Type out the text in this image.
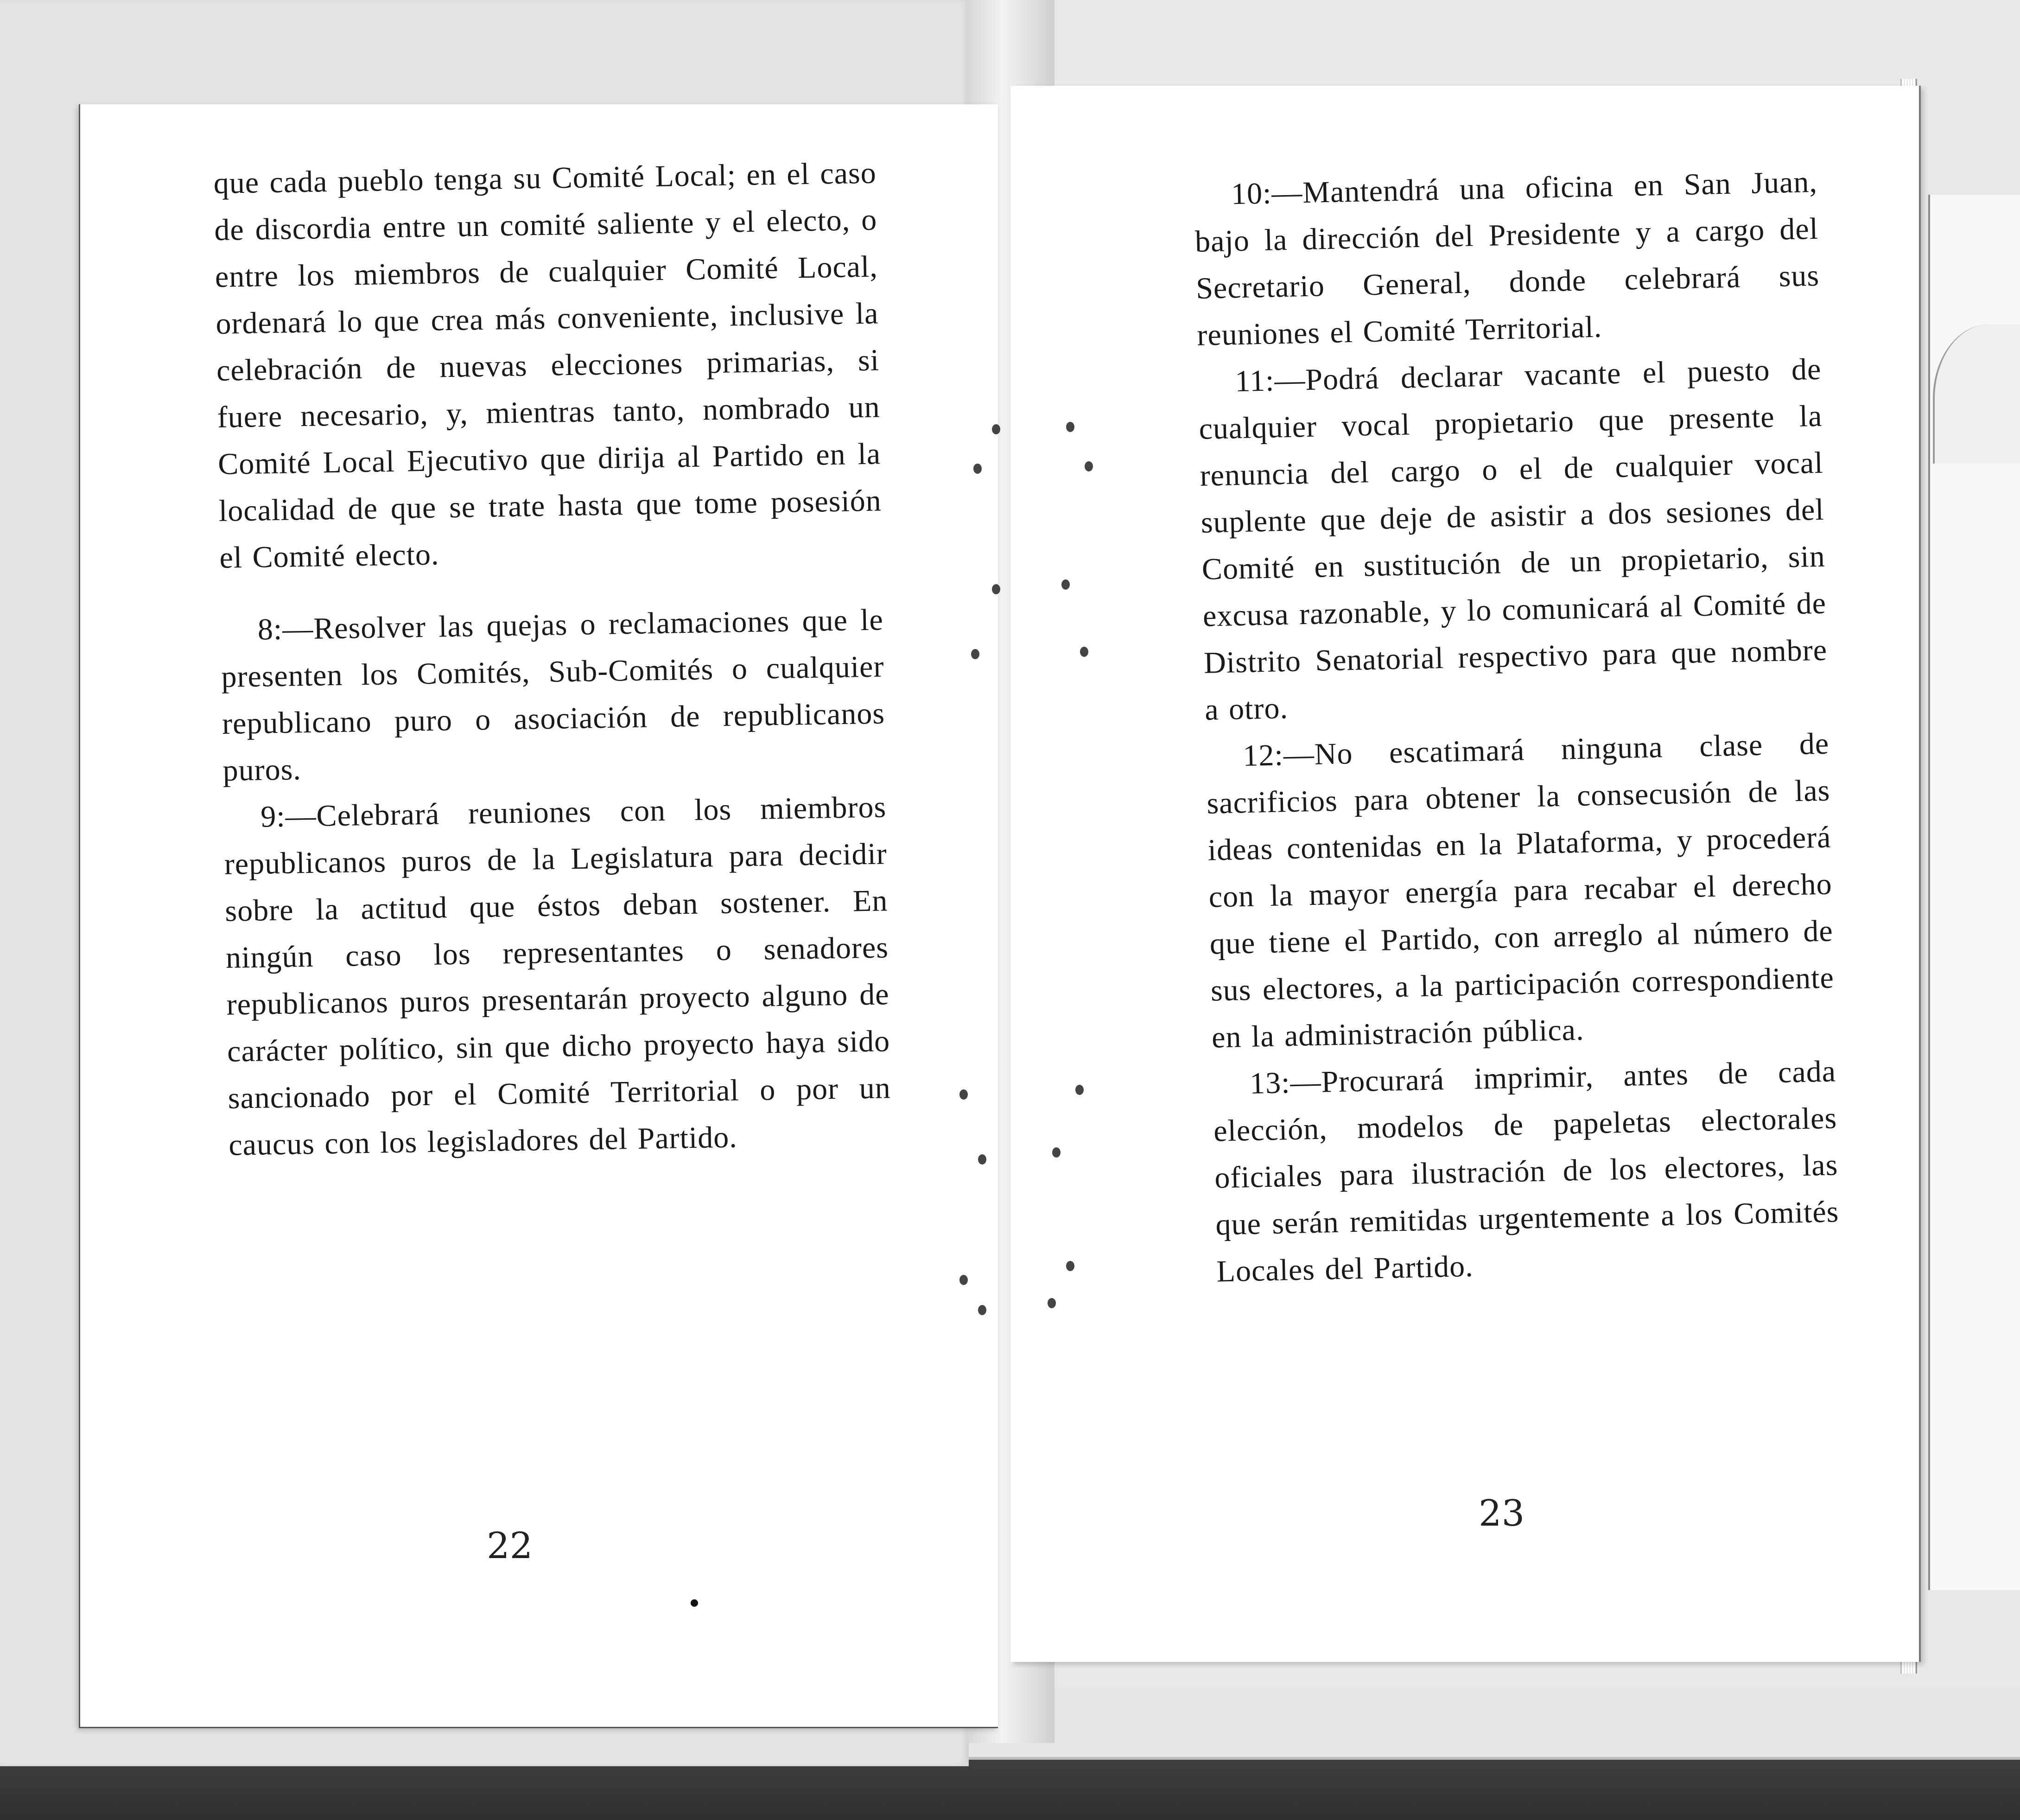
que cada pueblo tenga su Comité Local; en el caso de discordia entre un comité saliente y el electo, o entre los miembros de cualquier Comité Local, ordenará lo que crea más conveniente, inclusive la celebración de nuevas elecciones primarias, si fuere necesario, y, mientras tanto, nombrado un Comité Local Ejecutivo que dirija al Partido en la localidad de que se trate hasta que tome posesión el Comité electo.

8:—Resolver las quejas o reclamaciones que le presenten los Comités, Sub-Comités o cualquier republicano puro o asociación de republicanos puros.

9:—Celebrará reuniones con los miembros republicanos puros de la Legislatura para decidir sobre la actitud que éstos deban sostener. En ningún caso los representantes o senadores republicanos puros presentarán proyecto alguno de carácter político, sin que dicho proyecto haya sido sancionado por el Comité Territorial o por un caucus con los legisladores del Partido.

22

10:—Mantendrá una oficina en San Juan, bajo la dirección del Presidente y a cargo del Secretario General, donde celebrará sus reuniones el Comité Territorial.

11:—Podrá declarar vacante el puesto de cualquier vocal propietario que presente la renuncia del cargo o el de cualquier vocal suplente que deje de asistir a dos sesiones del Comité en sustitución de un propietario, sin excusa razonable, y lo comunicará al Comité de Distrito Senatorial respectivo para que nombre a otro.

12:—No escatimará ninguna clase de sacrificios para obtener la consecusión de las ideas contenidas en la Plataforma, y procederá con la mayor energía para recabar el derecho que tiene el Partido, con arreglo al número de sus electores, a la participación correspondiente en la administración pública.

13:—Procurará imprimir, antes de cada elección, modelos de papeletas electorales oficiales para ilustración de los electores, las que serán remitidas urgentemente a los Comités Locales del Partido.

23
